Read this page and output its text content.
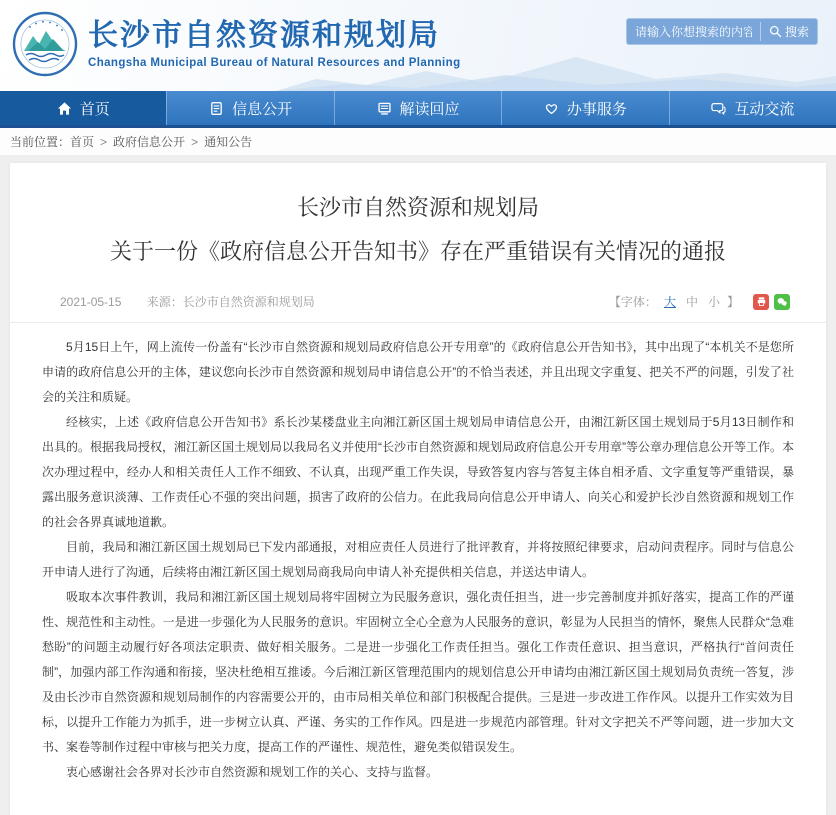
长沙市自然资源和规划局
Changsha Municipal Bureau of Natural Resources and Planning
请输入你想搜索的内容
搜索
首页	信息公开	解读回应	办事服务	互动交流
当前位置： 首页 > 政府信息公开 > 通知公告
长沙市自然资源和规划局
关于一份《政府信息公开告知书》存在严重错误有关情况的通报
2021-05-15 来源：长沙市自然资源和规划局	【字体： 大 中 小 】

5月15日上午，网上流传一份盖有“长沙市自然资源和规划局政府信息公开专用章”的《政府信息公开告知书》，其中出现了“本机关不是您所申请的政府信息公开的主体，建议您向长沙市自然资源和规划局申请信息公开”的不恰当表述，并且出现文字重复、把关不严的问题，引发了社会的关注和质疑。

经核实，上述《政府信息公开告知书》系长沙某楼盘业主向湘江新区国土规划局申请信息公开，由湘江新区国土规划局于5月13日制作和出具的。根据我局授权，湘江新区国土规划局以我局名义并使用“长沙市自然资源和规划局政府信息公开专用章”等公章办理信息公开等工作。本次办理过程中，经办人和相关责任人工作不细致、不认真，出现严重工作失误，导致答复内容与答复主体自相矛盾、文字重复等严重错误，暴露出服务意识淡薄、工作责任心不强的突出问题，损害了政府的公信力。在此我局向信息公开申请人、向关心和爱护长沙自然资源和规划工作的社会各界真诚地道歉。

目前，我局和湘江新区国土规划局已下发内部通报，对相应责任人员进行了批评教育，并将按照纪律要求，启动问责程序。同时与信息公开申请人进行了沟通，后续将由湘江新区国土规划局商我局向申请人补充提供相关信息，并送达申请人。

吸取本次事件教训，我局和湘江新区国土规划局将牢固树立为民服务意识，强化责任担当，进一步完善制度并抓好落实，提高工作的严谨性、规范性和主动性。一是进一步强化为人民服务的意识。牢固树立全心全意为人民服务的意识，彰显为人民担当的情怀，聚焦人民群众“急难愁盼”的问题主动履行好各项法定职责、做好相关服务。二是进一步强化工作责任担当。强化工作责任意识、担当意识，严格执行“首问责任制”，加强内部工作沟通和衔接，坚决杜绝相互推诿。今后湘江新区管理范围内的规划信息公开申请均由湘江新区国土规划局负责统一答复，涉及由长沙市自然资源和规划局制作的内容需要公开的，由市局相关单位和部门积极配合提供。三是进一步改进工作作风。以提升工作实效为目标，以提升工作能力为抓手，进一步树立认真、严谨、务实的工作作风。四是进一步规范内部管理。针对文字把关不严等问题，进一步加大文书、案卷等制作过程中审核与把关力度，提高工作的严谨性、规范性，避免类似错误发生。

衷心感谢社会各界对长沙市自然资源和规划工作的关心、支持与监督。
